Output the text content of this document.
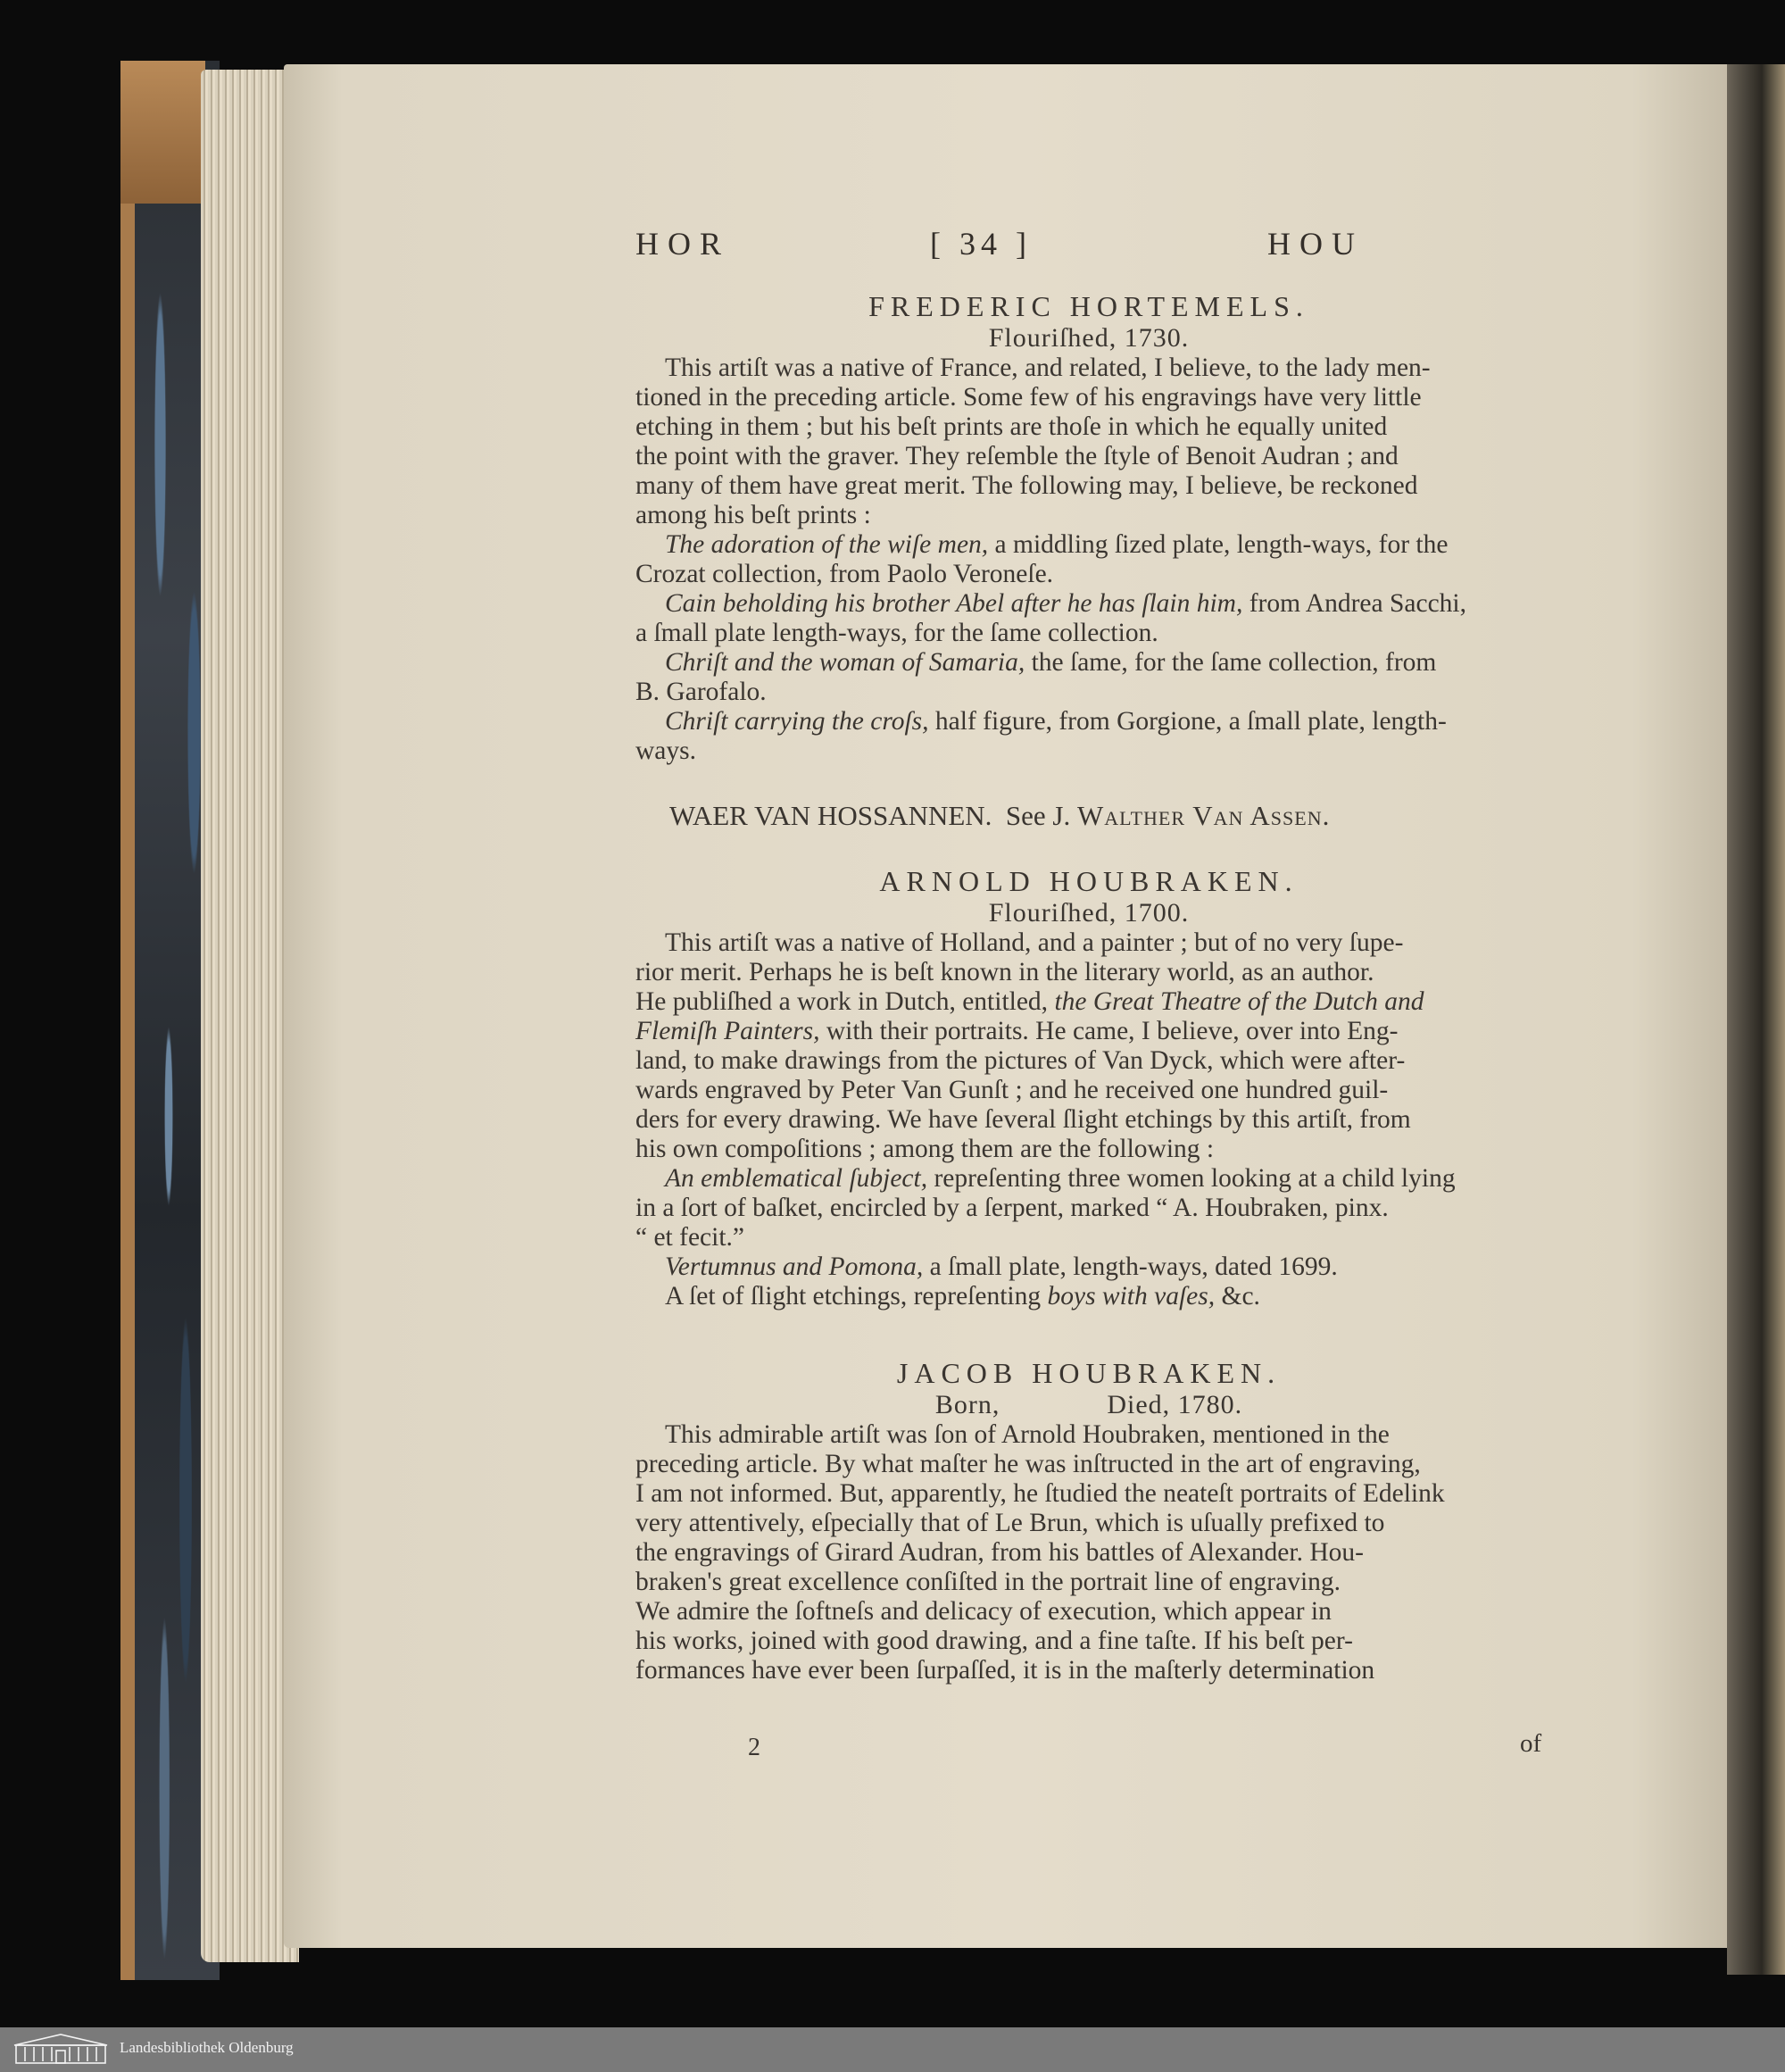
HOR	[ 34 ]	HOU
FREDERIC HORTEMELS.
Flouriſhed, 1730.

This artiſt was a native of France, and related, I believe, to the lady men-

tioned in the preceding article. Some few of his engravings have very little

etching in them ; but his beſt prints are thoſe in which he equally united

the point with the graver. They reſemble the ſtyle of Benoit Audran ; and

many of them have great merit. The following may, I believe, be reckoned

among his beſt prints :

The adoration of the wiſe men, a middling ſized plate, length-ways, for the

Crozat collection, from Paolo Veroneſe.

Cain beholding his brother Abel after he has ſlain him, from Andrea Sacchi,

a ſmall plate length-ways, for the ſame collection.

Chriſt and the woman of Samaria, the ſame, for the ſame collection, from

B. Garofalo.

Chriſt carrying the croſs, half figure, from Gorgione, a ſmall plate, length-

ways.

WAER VAN HOSSANNEN. See J. Walther Van Assen.

ARNOLD HOUBRAKEN.
Flouriſhed, 1700.

This artiſt was a native of Holland, and a painter ; but of no very ſupe-

rior merit. Perhaps he is beſt known in the literary world, as an author.

He publiſhed a work in Dutch, entitled, the Great Theatre of the Dutch and

Flemiſh Painters, with their portraits. He came, I believe, over into Eng-

land, to make drawings from the pictures of Van Dyck, which were after-

wards engraved by Peter Van Gunſt ; and he received one hundred guil-

ders for every drawing. We have ſeveral ſlight etchings by this artiſt, from

his own compoſitions ; among them are the following :

An emblematical ſubject, repreſenting three women looking at a child lying

in a ſort of baſket, encircled by a ſerpent, marked “ A. Houbraken, pinx.

“ et fecit.”

Vertumnus and Pomona, a ſmall plate, length-ways, dated 1699.

A ſet of ſlight etchings, repreſenting boys with vaſes, &c.

JACOB HOUBRAKEN.
Born,	Died, 1780.

This admirable artiſt was ſon of Arnold Houbraken, mentioned in the

preceding article. By what maſter he was inſtructed in the art of engraving,

I am not informed. But, apparently, he ſtudied the neateſt portraits of Edelink

very attentively, eſpecially that of Le Brun, which is uſually prefixed to

the engravings of Girard Audran, from his battles of Alexander. Hou-

braken's great excellence conſiſted in the portrait line of engraving.

We admire the ſoftneſs and delicacy of execution, which appear in

his works, joined with good drawing, and a fine taſte. If his beſt per-

formances have ever been ſurpaſſed, it is in the maſterly determination

2	of
Landesbibliothek Oldenburg
